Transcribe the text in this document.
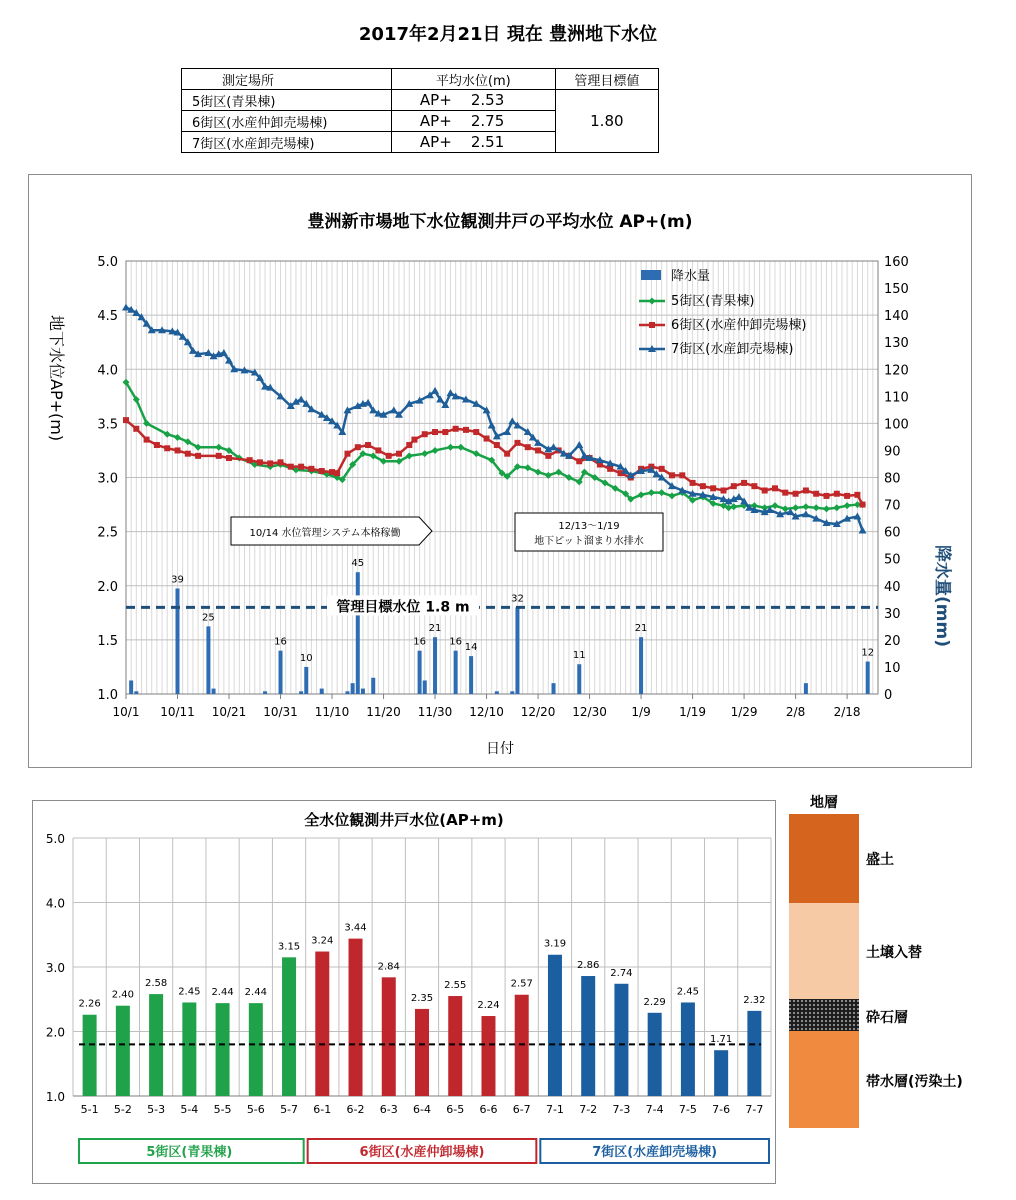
2017年2月21日 現在 豊洲地下水位
測定場所	平均水位(m)	管理目標値
5街区(青果棟)	AP+    2.53	1.80
6街区(水産仲卸売場棟)	AP+    2.75	
7街区(水産卸売場棟)	AP+    2.51	
豊洲新市場地下水位観測井戸の平均水位 AP+(m)
1.0
1.5
2.0
2.5
3.0
3.5
4.0
4.5
5.0
0
10
20
30
40
50
60
70
80
90
100
110
120
130
140
150
160
10/1 10/11 10/21 10/31 11/10 11/20 11/30 12/10 12/20 12/30 1/9 1/19 1/29 2/8 2/18
日付
地下水位AP+(m)
降水量(mm)
39
25
16
10
45
16
21
16 14
32
11
21
12
管理目標水位 1.8 m
10/14 水位管理システム本格稼働
12/13～1/19
地下ピット溜まり水排水
降水量
5街区(青果棟)
6街区(水産仲卸売場棟)
7街区(水産卸売場棟)
全水位観測井戸水位(AP+m)
1.0
2.0
3.0
4.0
5.0
2.26
5-1
2.40
5-2
2.58
5-3
2.45
5-4
2.44
5-5
2.44
5-6
3.15
5-7
3.24
6-1
3.44
6-2
2.84
6-3
2.35
6-4
2.55
6-5
2.24
6-6
2.57
6-7
3.19
7-1
2.86
7-2
2.74
7-3
2.29
7-4
2.45
7-5
1.71
7-6
2.32
7-7
5街区(青果棟)	6街区(水産仲卸場棟)	7街区(水産卸売場棟)
地層
盛土
土壌入替
砕石層
帯水層(汚染土)
